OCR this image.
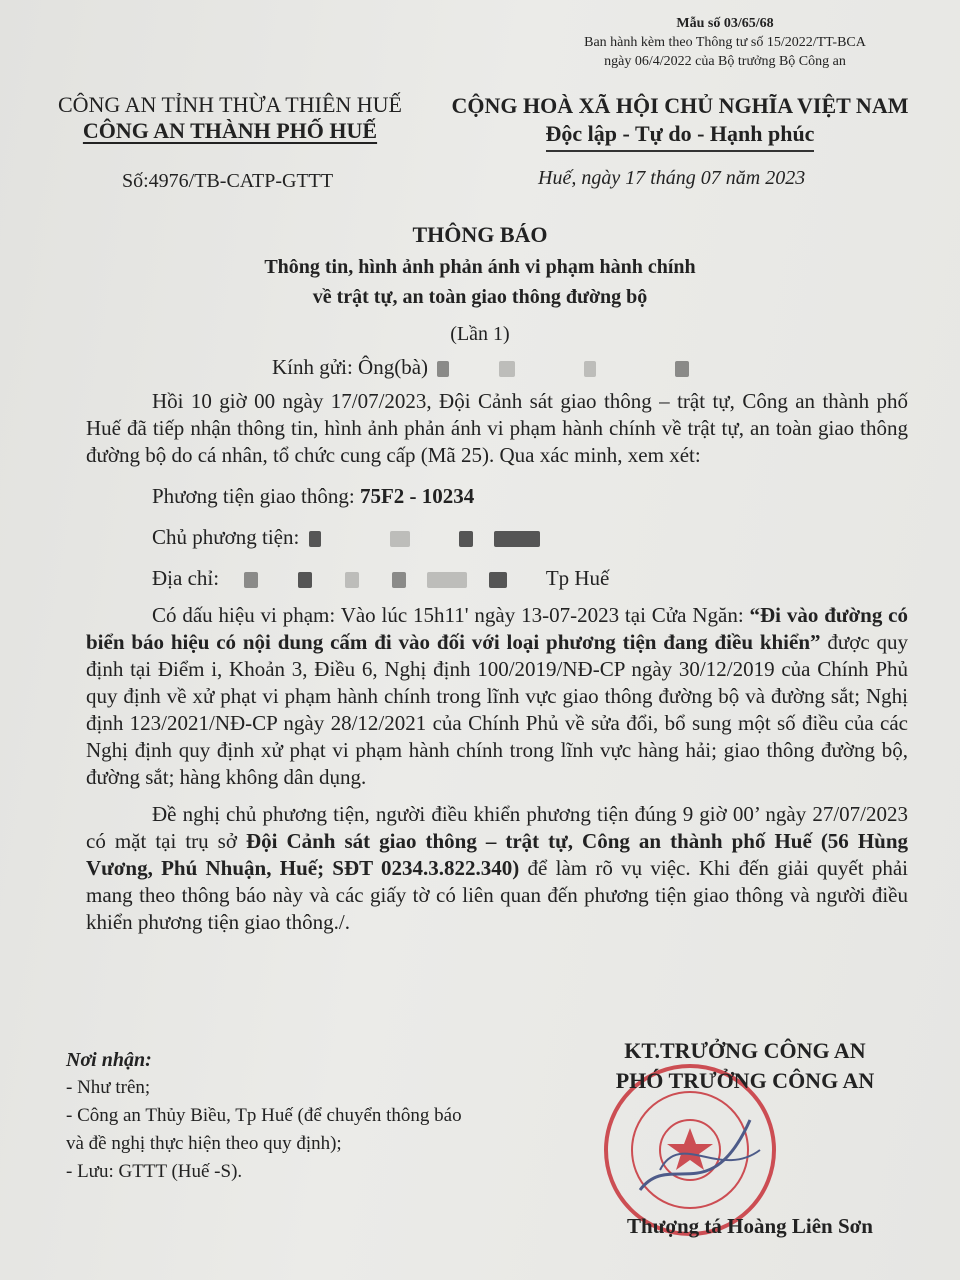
Mẫu số 03/65/68
Ban hành kèm theo Thông tư số 15/2022/TT-BCA
ngày 06/4/2022 của Bộ trưởng Bộ Công an
CÔNG AN TỈNH THỪA THIÊN HUẾ
CÔNG AN THÀNH PHỐ HUẾ
CỘNG HOÀ XÃ HỘI CHỦ NGHĨA VIỆT NAM
Độc lập - Tự do - Hạnh phúc
Số:4976/TB-CATP-GTTT	Huế, ngày 17 tháng 07 năm 2023
THÔNG BÁO
Thông tin, hình ảnh phản ánh vi phạm hành chính
về trật tự, an toàn giao thông đường bộ
(Lần 1)
Kính gửi: Ông(bà)

Hồi 10 giờ 00 ngày 17/07/2023, Đội Cảnh sát giao thông – trật tự, Công an thành phố Huế đã tiếp nhận thông tin, hình ảnh phản ánh vi phạm hành chính về trật tự, an toàn giao thông đường bộ do cá nhân, tổ chức cung cấp (Mã 25). Qua xác minh, xem xét:

Phương tiện giao thông: 75F2 - 10234

Chủ phương tiện:

Địa chỉ:	Tp Huế

Có dấu hiệu vi phạm: Vào lúc 15h11' ngày 13-07-2023 tại Cửa Ngăn: “Đi vào đường có biển báo hiệu có nội dung cấm đi vào đối với loại phương tiện đang điều khiển” được quy định tại Điểm i, Khoản 3, Điều 6, Nghị định 100/2019/NĐ-CP ngày 30/12/2019 của Chính Phủ quy định về xử phạt vi phạm hành chính trong lĩnh vực giao thông đường bộ và đường sắt; Nghị định 123/2021/NĐ-CP ngày 28/12/2021 của Chính Phủ về sửa đổi, bổ sung một số điều của các Nghị định quy định xử phạt vi phạm hành chính trong lĩnh vực hàng hải; giao thông đường bộ, đường sắt; hàng không dân dụng.

Đề nghị chủ phương tiện, người điều khiển phương tiện đúng 9 giờ 00’ ngày 27/07/2023 có mặt tại trụ sở Đội Cảnh sát giao thông – trật tự, Công an thành phố Huế (56 Hùng Vương, Phú Nhuận, Huế; SĐT 0234.3.822.340) để làm rõ vụ việc. Khi đến giải quyết phải mang theo thông báo này và các giấy tờ có liên quan đến phương tiện giao thông và người điều khiển phương tiện giao thông./.

Nơi nhận:
- Như trên;
- Công an Thủy Biều, Tp Huế (để chuyển thông báo
và đề nghị thực hiện theo quy định);
- Lưu: GTTT (Huế -S).
KT.TRƯỞNG CÔNG AN
PHÓ TRƯỞNG CÔNG AN
Thượng tá Hoàng Liên Sơn
